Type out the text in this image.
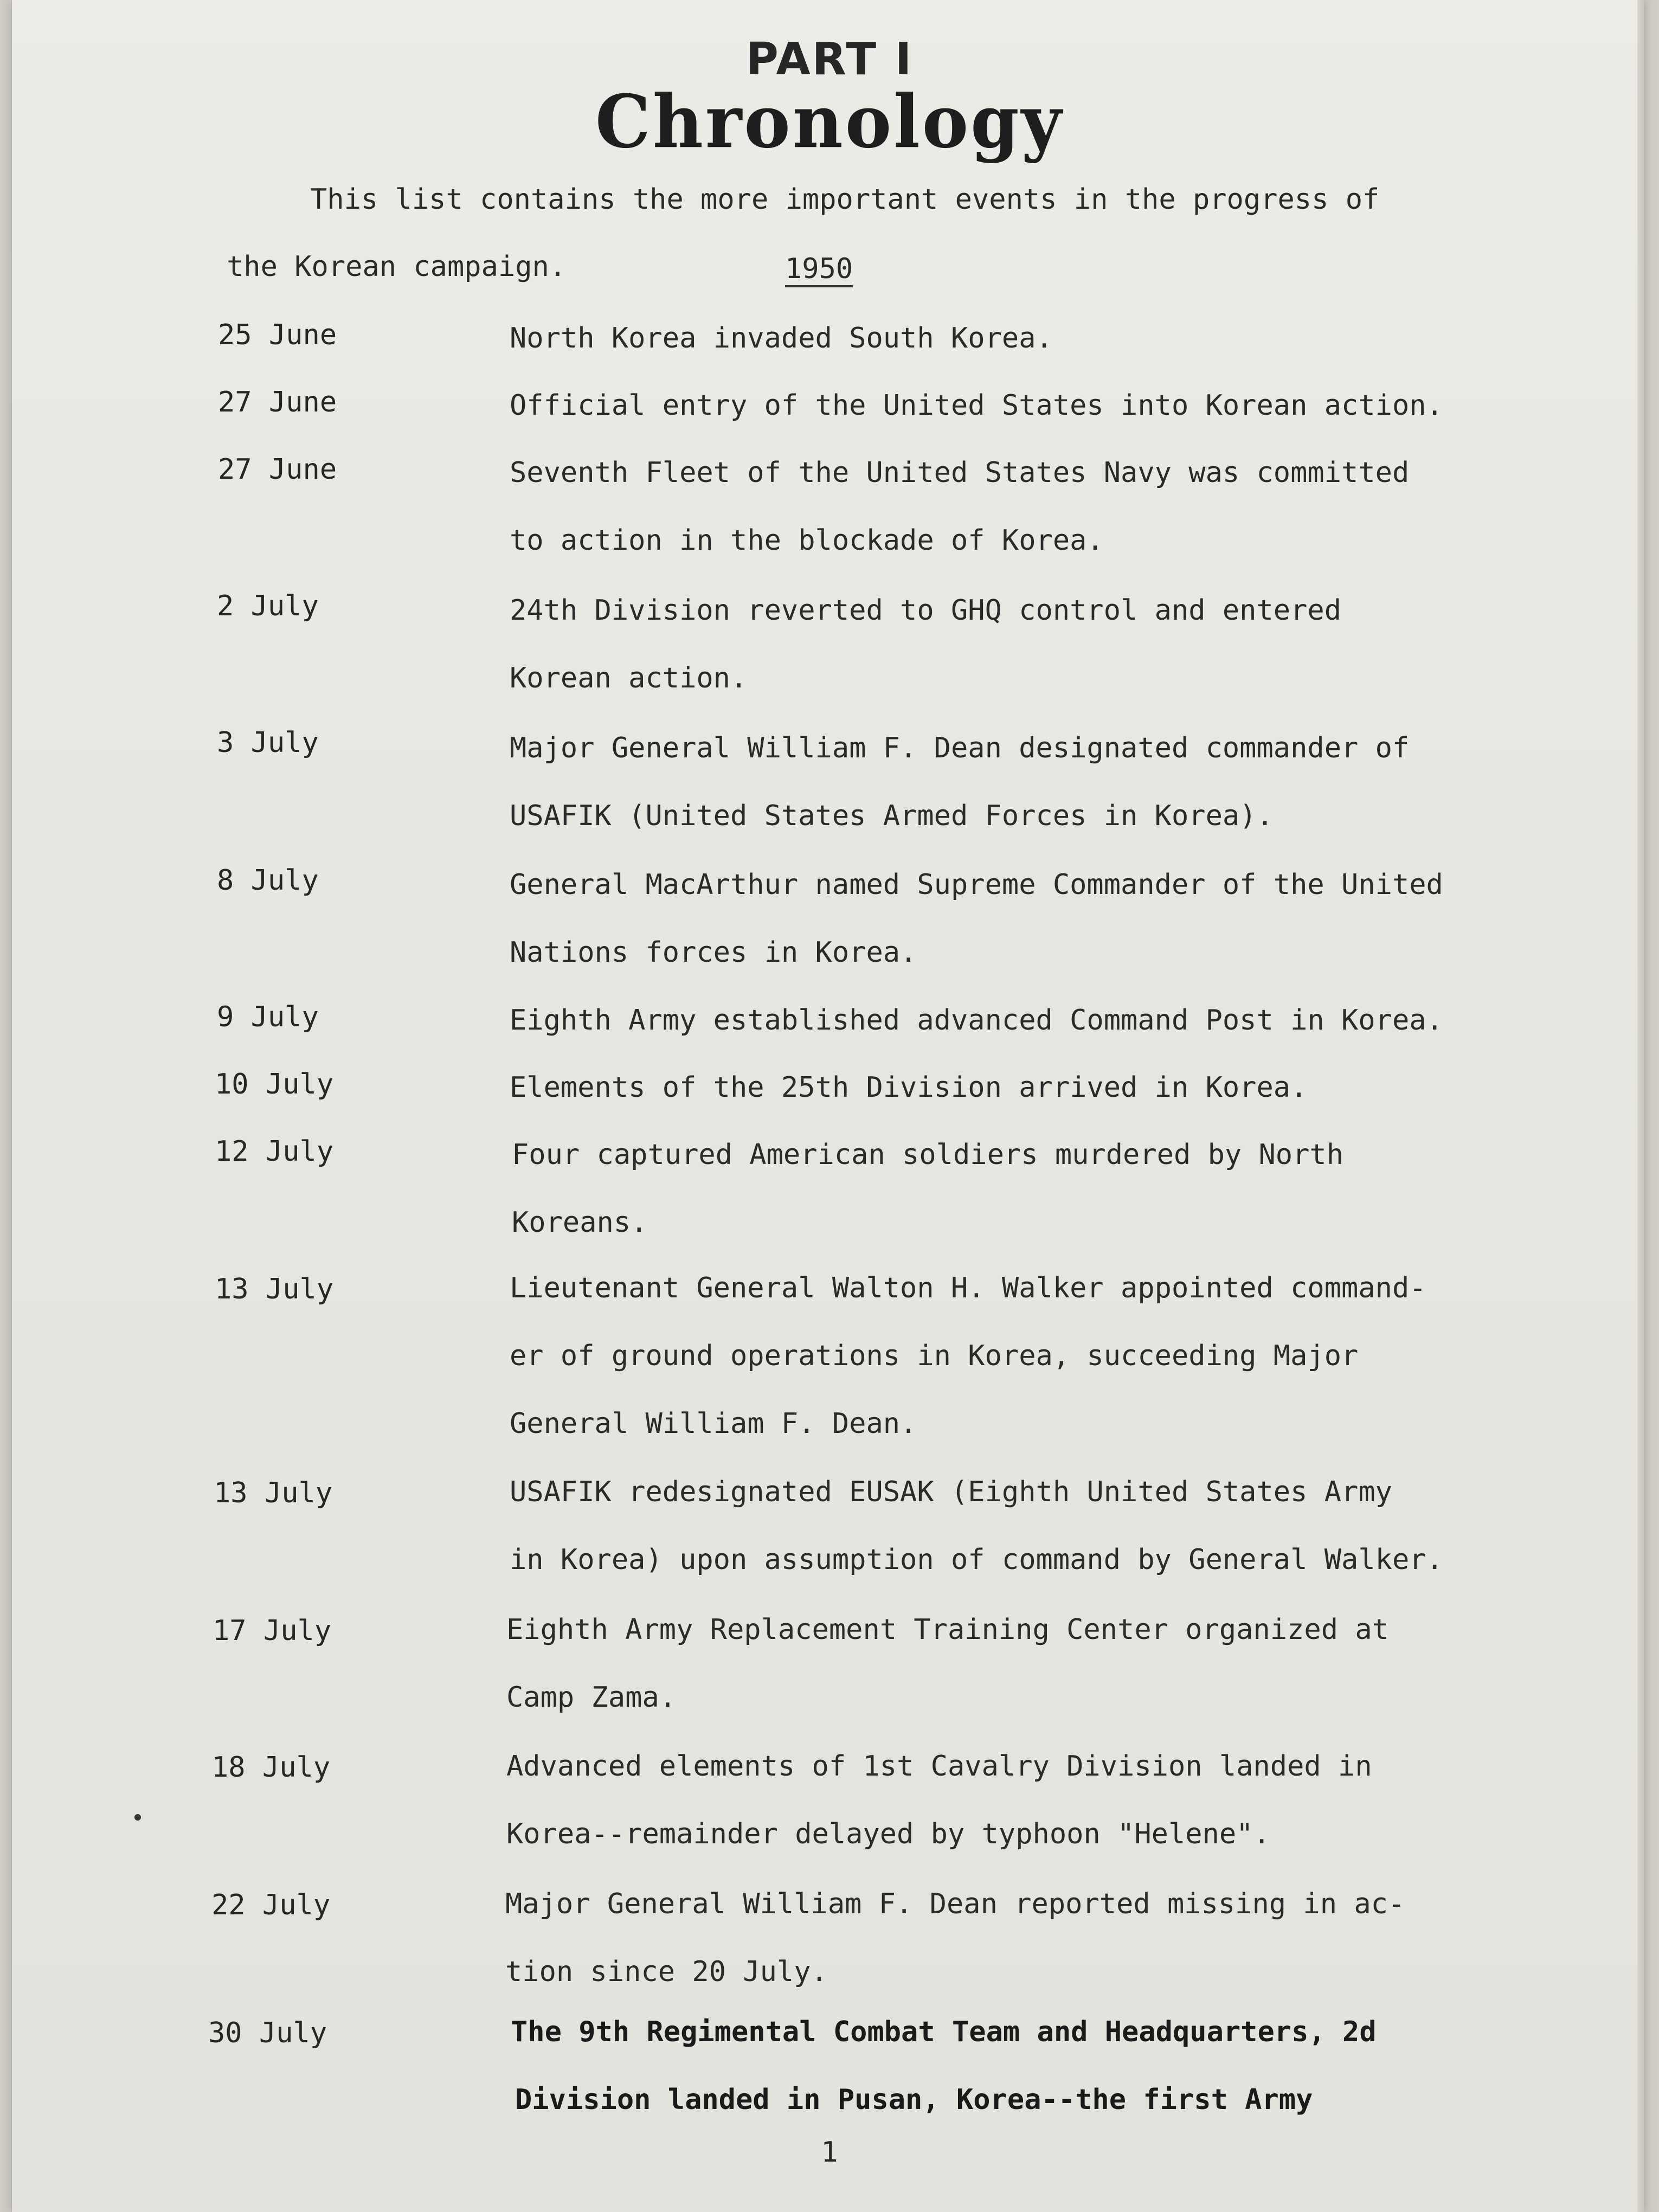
PART I
Chronology
This list contains the more important events in the progress of
the Korean campaign.	1950
25 June	North Korea invaded South Korea.
27 June	Official entry of the United States into Korean action.
27 June	Seventh Fleet of the United States Navy was committed
to action in the blockade of Korea.
2 July	24th Division reverted to GHQ control and entered
Korean action.
3 July	Major General William F. Dean designated commander of
USAFIK (United States Armed Forces in Korea).
8 July	General MacArthur named Supreme Commander of the United
Nations forces in Korea.
9 July	Eighth Army established advanced Command Post in Korea.
10 July	Elements of the 25th Division arrived in Korea.
12 July	Four captured American soldiers murdered by North
Koreans.
13 July	Lieutenant General Walton H. Walker appointed command-
er of ground operations in Korea, succeeding Major
General William F. Dean.
13 July	USAFIK redesignated EUSAK (Eighth United States Army
in Korea) upon assumption of command by General Walker.
17 July	Eighth Army Replacement Training Center organized at
Camp Zama.
18 July	Advanced elements of 1st Cavalry Division landed in
Korea--remainder delayed by typhoon "Helene".
22 July	Major General William F. Dean reported missing in ac-
tion since 20 July.
30 July	The 9th Regimental Combat Team and Headquarters, 2d
Division landed in Pusan, Korea--the first Army
1
